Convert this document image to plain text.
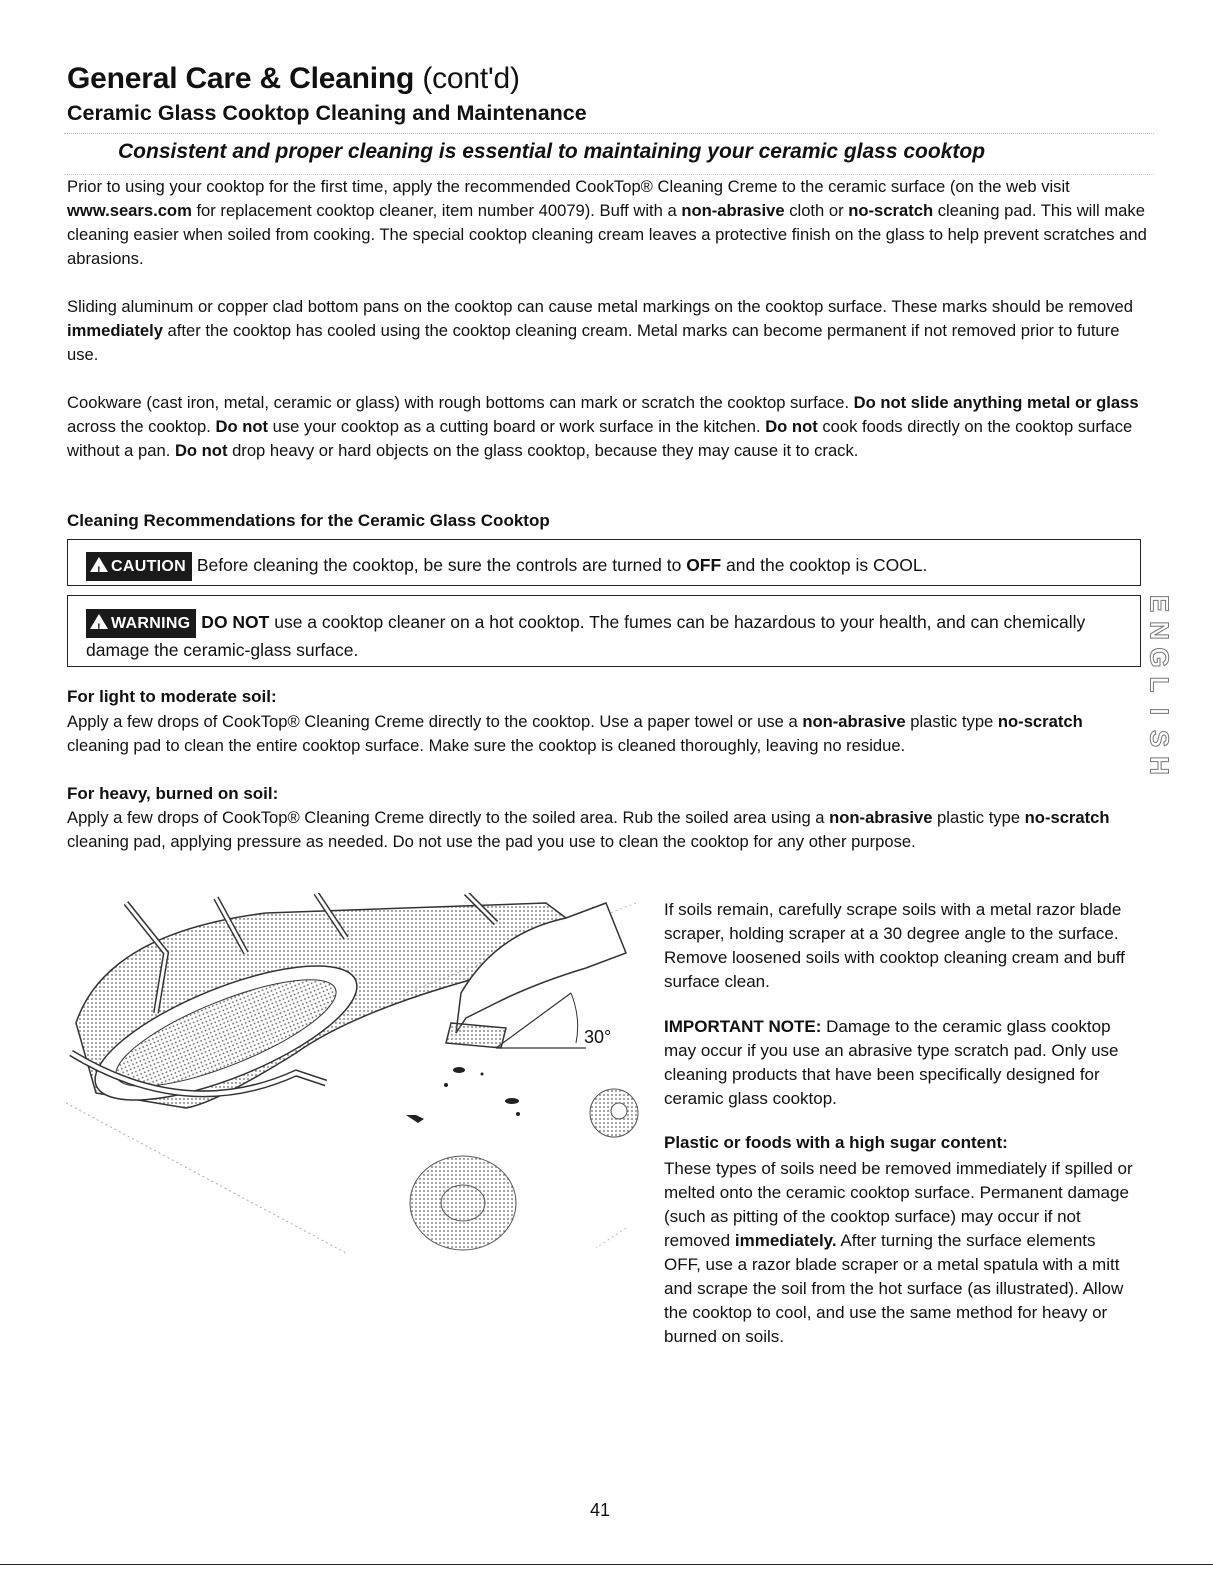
General Care & Cleaning (cont'd)
Ceramic Glass Cooktop Cleaning and Maintenance
Consistent and proper cleaning is essential to maintaining your ceramic glass cooktop

Prior to using your cooktop for the first time, apply the recommended CookTop® Cleaning Creme to the ceramic surface (on the web visit www.sears.com for replacement cooktop cleaner, item number 40079). Buff with a non-abrasive cloth or no-scratch cleaning pad. This will make cleaning easier when soiled from cooking. The special cooktop cleaning cream leaves a protective finish on the glass to help prevent scratches and abrasions.

Sliding aluminum or copper clad bottom pans on the cooktop can cause metal markings on the cooktop surface. These marks should be removed immediately after the cooktop has cooled using the cooktop cleaning cream. Metal marks can become permanent if not removed prior to future use.

Cookware (cast iron, metal, ceramic or glass) with rough bottoms can mark or scratch the cooktop surface. Do not slide anything metal or glass across the cooktop. Do not use your cooktop as a cutting board or work surface in the kitchen. Do not cook foods directly on the cooktop surface without a pan. Do not drop heavy or hard objects on the glass cooktop, because they may cause it to crack.

Cleaning Recommendations for the Ceramic Glass Cooktop
!CAUTION Before cleaning the cooktop, be sure the controls are turned to OFF and the cooktop is COOL.
!WARNING DO NOT use a cooktop cleaner on a hot cooktop. The fumes can be hazardous to your health, and can chemically damage the ceramic-glass surface.
E
N
G
L
I
S
H
For light to moderate soil:

Apply a few drops of CookTop® Cleaning Creme directly to the cooktop. Use a paper towel or use a non-abrasive plastic type no-scratch cleaning pad to clean the entire cooktop surface. Make sure the cooktop is cleaned thoroughly, leaving no residue.

For heavy, burned on soil:

Apply a few drops of CookTop® Cleaning Creme directly to the soiled area. Rub the soiled area using a non-abrasive plastic type no-scratch cleaning pad, applying pressure as needed. Do not use the pad you use to clean the cooktop for any other purpose.

30°

If soils remain, carefully scrape soils with a metal razor blade scraper, holding scraper at a 30 degree angle to the surface. Remove loosened soils with cooktop cleaning cream and buff surface clean.

IMPORTANT NOTE: Damage to the ceramic glass cooktop may occur if you use an abrasive type scratch pad. Only use cleaning products that have been specifically designed for ceramic glass cooktop.

Plastic or foods with a high sugar content:

These types of soils need be removed immediately if spilled or melted onto the ceramic cooktop surface. Permanent damage (such as pitting of the cooktop surface) may occur if not removed immediately. After turning the surface elements OFF, use a razor blade scraper or a metal spatula with a mitt and scrape the soil from the hot surface (as illustrated). Allow the cooktop to cool, and use the same method for heavy or burned on soils.

41
